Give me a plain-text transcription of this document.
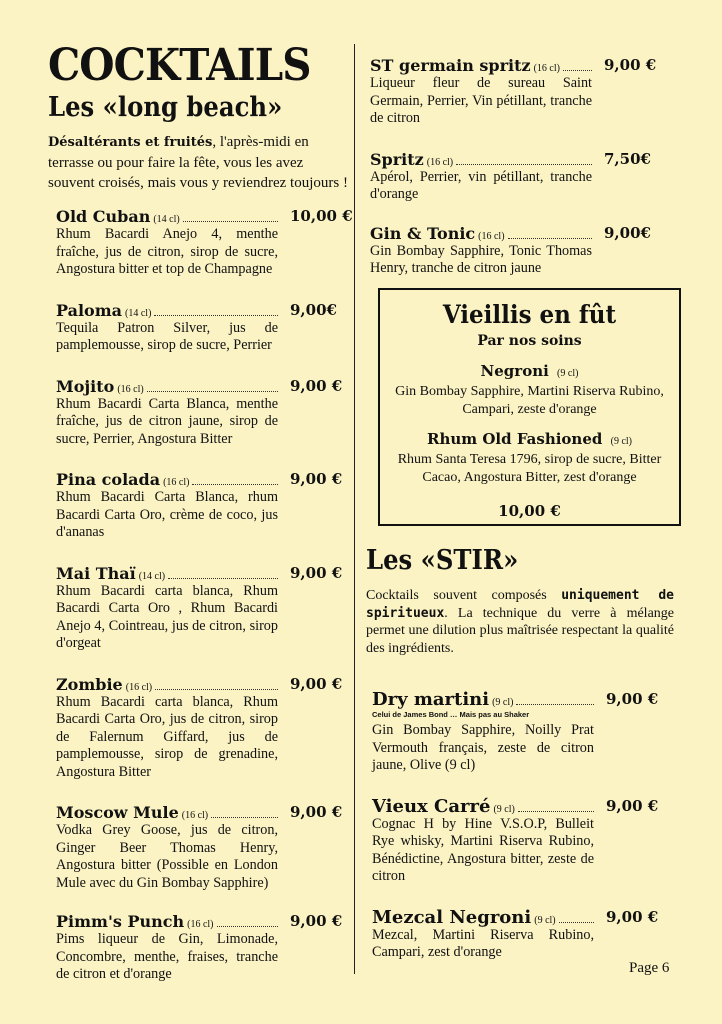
COCKTAILS
Les «long beach»

Désaltérants et fruités, l'après-midi en terrasse ou pour faire la fête, vous les avez souvent croisés, mais vous y reviendrez toujours !

Old Cuban (14 cl)	10,00 €

Rhum Bacardi Anejo 4, menthe fraîche, jus de citron, sirop de sucre, Angostura bitter et top de Champagne

Paloma (14 cl)	9,00€

Tequila Patron Silver, jus de pamplemousse, sirop de sucre, Perrier

Mojito (16 cl)	9,00 €

Rhum Bacardi Carta Blanca, menthe fraîche, jus de citron jaune, sirop de sucre, Perrier, Angostura Bitter

Pina colada (16 cl)	9,00 €

Rhum Bacardi Carta Blanca, rhum Bacardi Carta Oro, crème de coco, jus d'ananas

Mai Thaï (14 cl)	9,00 €

Rhum Bacardi carta blanca, Rhum Bacardi Carta Oro , Rhum Bacardi Anejo 4, Cointreau, jus de citron, sirop d'orgeat

Zombie (16 cl)	9,00 €

Rhum Bacardi carta blanca, Rhum Bacardi Carta Oro, jus de citron, sirop de Falernum Giffard, jus de pamplemousse, sirop de grenadine, Angostura Bitter

Moscow Mule (16 cl)	9,00 €

Vodka Grey Goose, jus de citron, Ginger Beer Thomas Henry, Angostura bitter (Possible en London Mule avec du Gin Bombay Sapphire)

Pimm's Punch (16 cl)	9,00 €

Pims liqueur de Gin, Limonade, Concombre, menthe, fraises, tranche de citron et d'orange

ST germain spritz (16 cl)	9,00 €

Liqueur fleur de sureau Saint Germain, Perrier, Vin pétillant, tranche de citron

Spritz (16 cl)	7,50€

Apérol, Perrier, vin pétillant, tranche d'orange

Gin & Tonic (16 cl)	9,00€

Gin Bombay Sapphire, Tonic Thomas Henry, tranche de citron jaune

Vieillis en fût
Par nos soins
Negroni (9 cl)
Gin Bombay Sapphire, Martini Riserva Rubino, Campari, zeste d'orange
Rhum Old Fashioned (9 cl)
Rhum Santa Teresa 1796, sirop de sucre, Bitter Cacao, Angostura Bitter, zest d'orange
10,00 €
Les «STIR»
Cocktails souvent composés uniquement de spiritueux. La technique du verre à mélange permet une dilution plus maîtrisée respectant la qualité des ingrédients.
Dry martini (9 cl)	9,00 €
Celui de James Bond … Mais pas au Shaker

Gin Bombay Sapphire, Noilly Prat Vermouth français, zeste de citron jaune, Olive (9 cl)

Vieux Carré (9 cl)	9,00 €

Cognac H by Hine V.S.O.P, Bulleit Rye whisky, Martini Riserva Rubino, Bénédictine, Angostura bitter, zeste de citron

Mezcal Negroni (9 cl)	9,00 €

Mezcal, Martini Riserva Rubino, Campari, zest d'orange

Page 6
